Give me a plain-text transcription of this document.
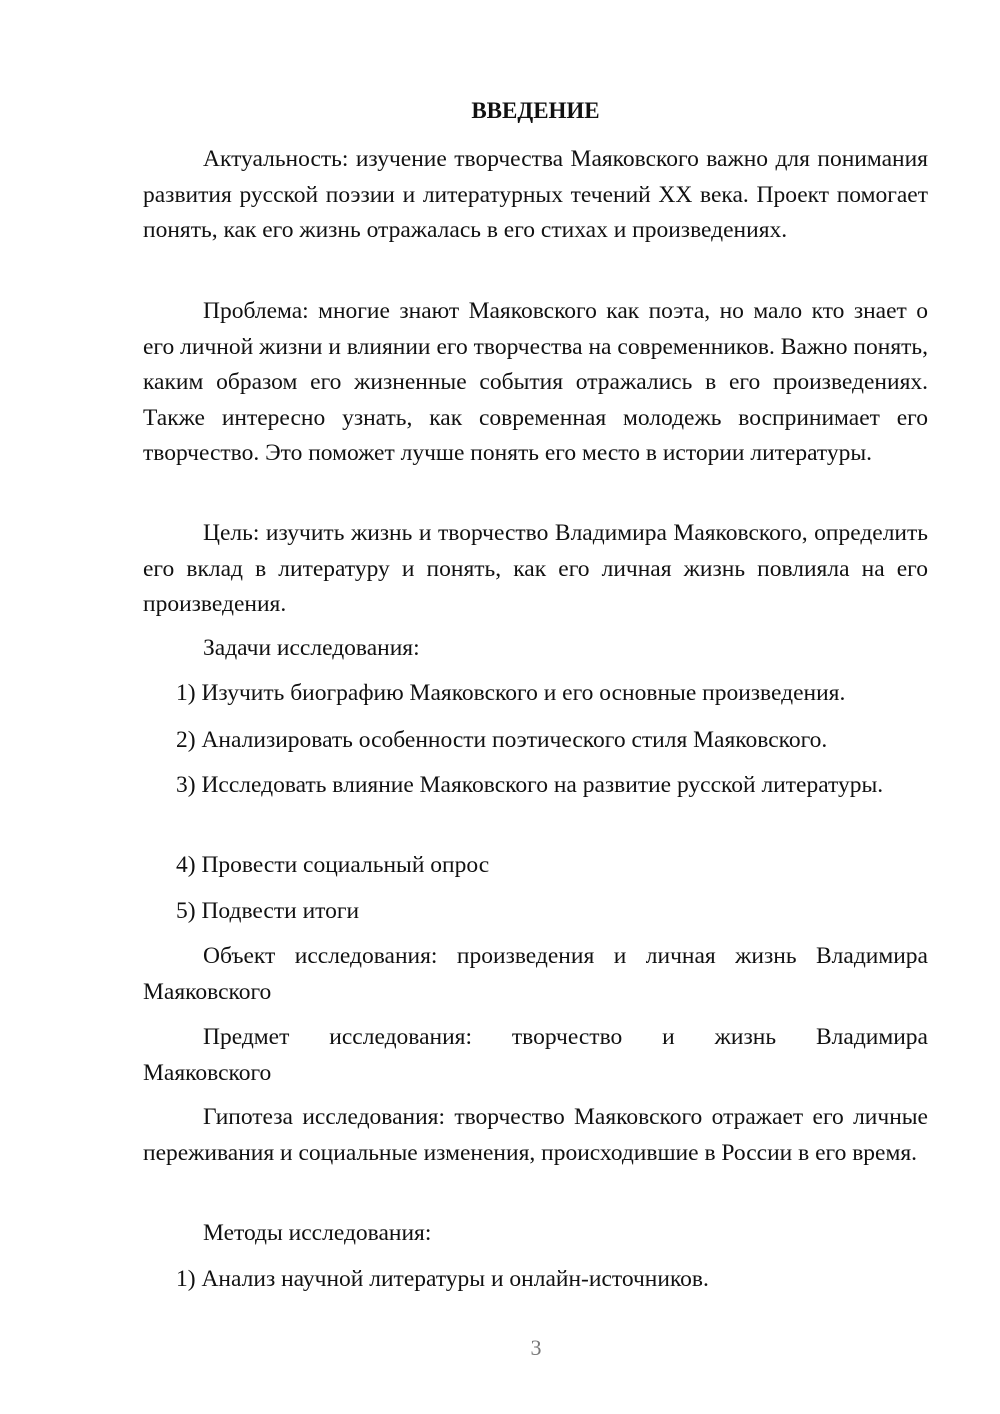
ВВЕДЕНИЕ

Актуальность: изучение творчества Маяковского важно для понимания развития русской поэзии и литературных течений XX века. Проект помогает понять, как его жизнь отражалась в его стихах и произведениях.

Проблема: многие знают Маяковского как поэта, но мало кто знает о его личной жизни и влиянии его творчества на современников. Важно понять, каким образом его жизненные события отражались в его произведениях. Также интересно узнать, как современная молодежь воспринимает его творчество. Это поможет лучше понять его место в истории литературы.

Цель: изучить жизнь и творчество Владимира Маяковского, определить его вклад в литературу и понять, как его личная жизнь повлияла на его произведения.

Задачи исследования:

1) Изучить биографию Маяковского и его основные произведения.

2) Анализировать особенности поэтического стиля Маяковского.

3) Исследовать влияние Маяковского на развитие русской литературы.

4) Провести социальный опрос

5) Подвести итоги

Объект исследования: произведения и личная жизнь Владимира Маяковского

Предмет исследования: творчество и жизнь Владимира Маяковского

Гипотеза исследования: творчество Маяковского отражает его личные переживания и социальные изменения, происходившие в России в его время.

Методы исследования:

1) Анализ научной литературы и онлайн-источников.

3
